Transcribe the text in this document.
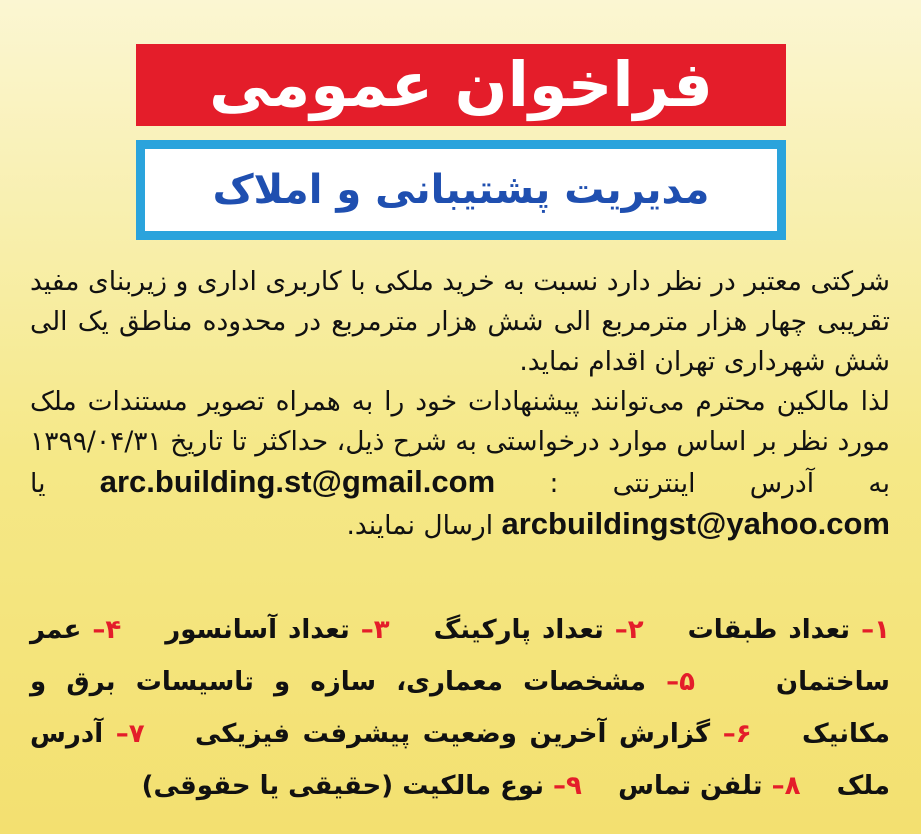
فراخوان عمومی
مدیریت پشتیبانی و املاک

شرکتی معتبر در نظر دارد نسبت به خرید ملکی با کاربری اداری و زیربنای مفید تقریبی چهار هزار مترمربع الی شش هزار مترمربع در محدوده مناطق یک الی شش شهرداری تهران اقدام نماید.

لذا مالکین محترم می‌توانند پیشنهادات خود را به همراه تصویر مستندات ملک مورد نظر بر اساس موارد درخواستی به شرح ذیل، حداکثر تا تاریخ ۱۳۹۹/۰۴/۳۱ به آدرس اینترنتی : arc.building.st@gmail.com یا arcbuildingst@yahoo.com ارسال نمایند.

۱– تعداد طبقات    ۲– تعداد پارکینگ    ۳– تعداد آسانسور    ۴– عمر ساختمان    ۵– مشخصات معماری، سازه و تاسیسات برق و مکانیک    ۶– گزارش آخرین وضعیت پیشرفت فیزیکی    ۷– آدرس ملک    ۸– تلفن تماس    ۹– نوع مالکیت (حقیقی یا حقوقی)
